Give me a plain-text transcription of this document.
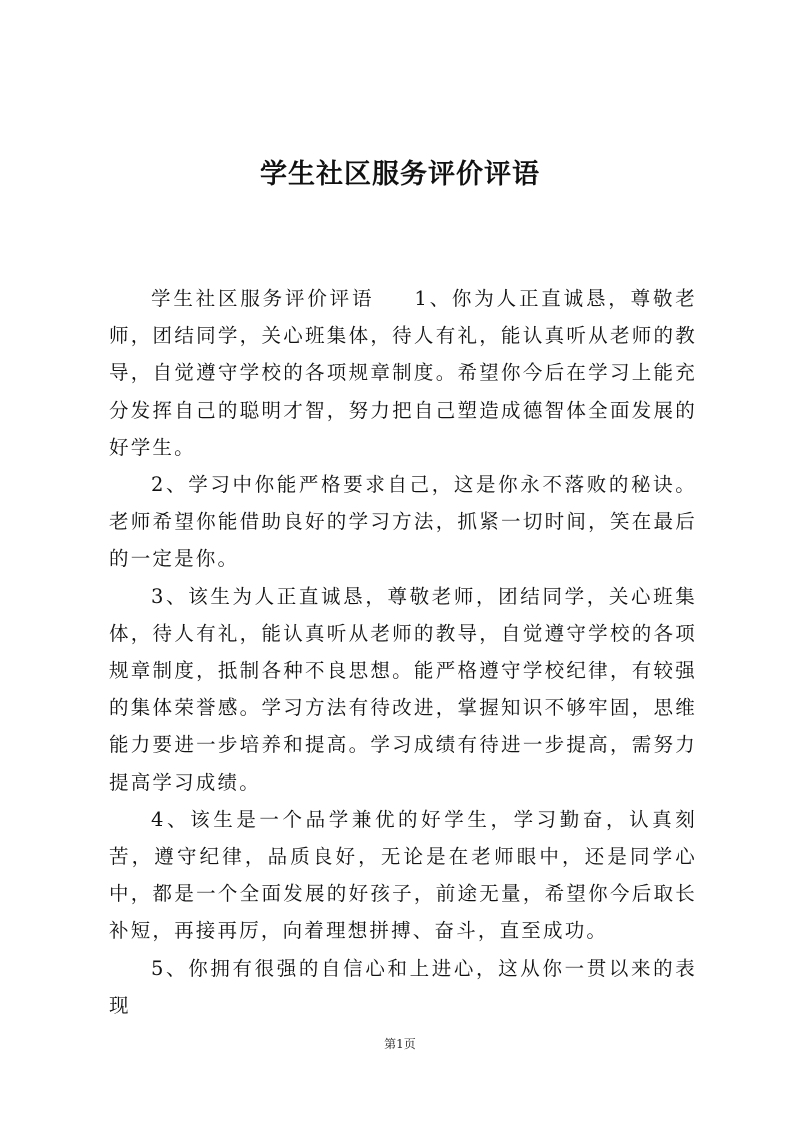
学生社区服务评价评语

学生社区服务评价评语 1、你为人正直诚恳，尊敬老师，团结同学，关心班集体，待人有礼，能认真听从老师的教导，自觉遵守学校的各项规章制度。希望你今后在学习上能充分发挥自己的聪明才智，努力把自己塑造成德智体全面发展的好学生。

2、学习中你能严格要求自己，这是你永不落败的秘诀。老师希望你能借助良好的学习方法，抓紧一切时间，笑在最后的一定是你。

3、该生为人正直诚恳，尊敬老师，团结同学，关心班集体，待人有礼，能认真听从老师的教导，自觉遵守学校的各项规章制度，抵制各种不良思想。能严格遵守学校纪律，有较强的集体荣誉感。学习方法有待改进，掌握知识不够牢固，思维能力要进一步培养和提高。学习成绩有待进一步提高，需努力提高学习成绩。

4、该生是一个品学兼优的好学生，学习勤奋，认真刻苦，遵守纪律，品质良好，无论是在老师眼中，还是同学心中，都是一个全面发展的好孩子，前途无量，希望你今后取长补短，再接再厉，向着理想拼搏、奋斗，直至成功。

5、你拥有很强的自信心和上进心，这从你一贯以来的表现

第1页
